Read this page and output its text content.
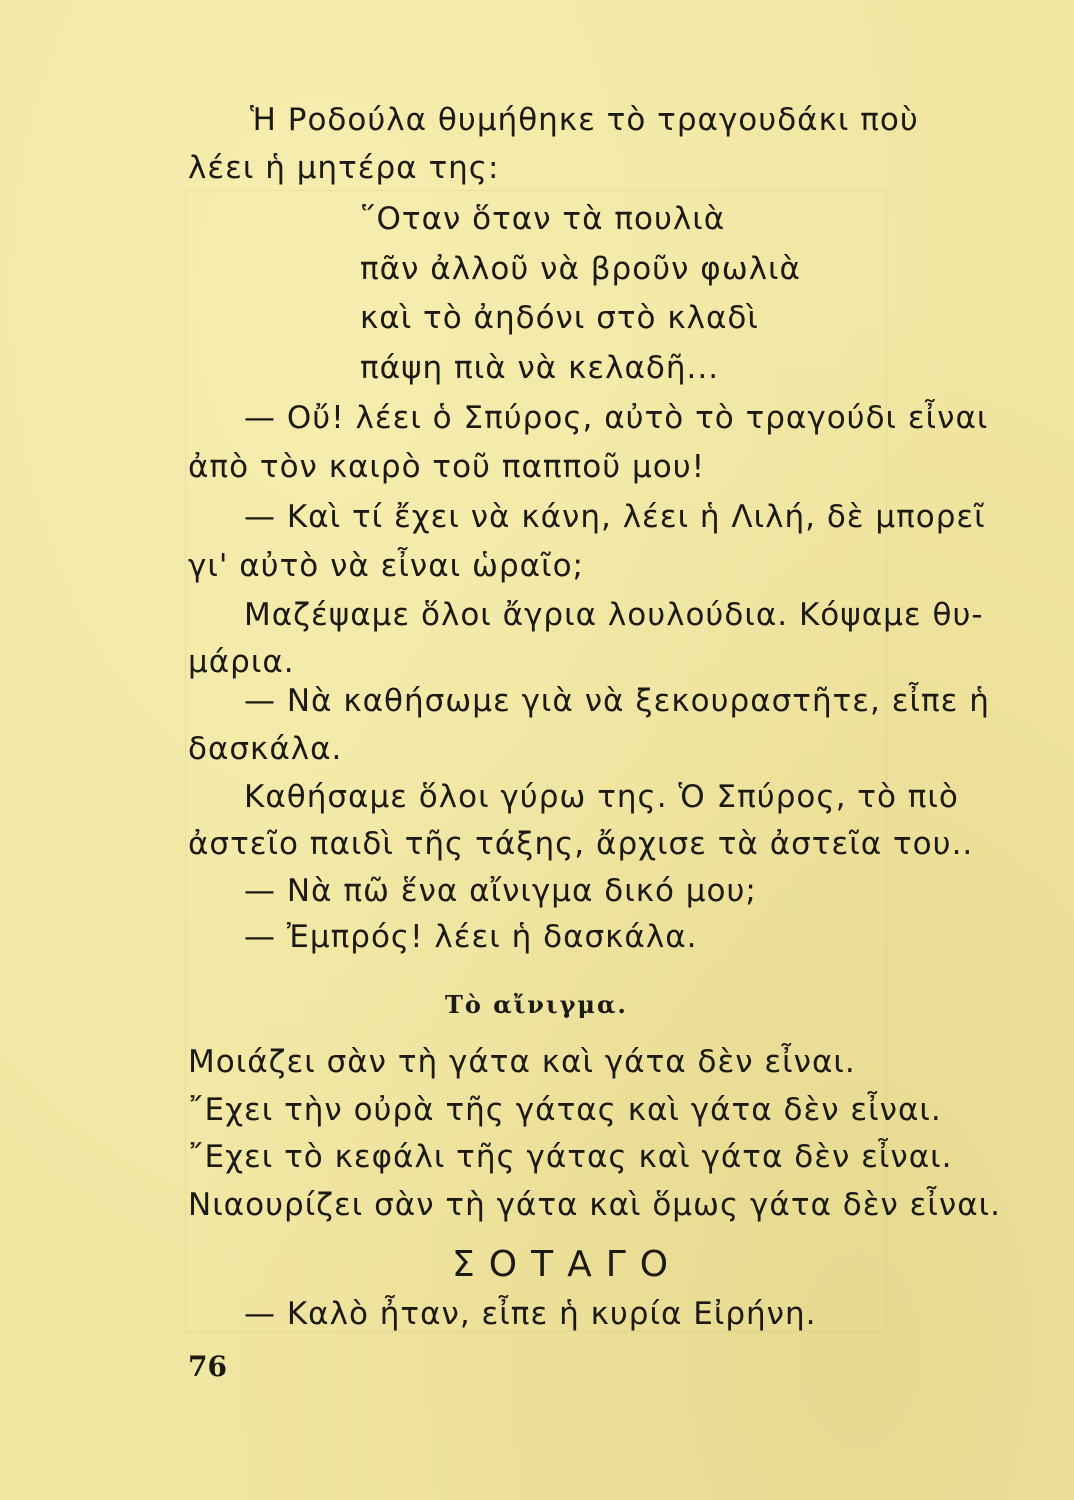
Ἡ Ροδούλα θυμήθηκε τὸ τραγουδάκι ποὺ
λέει ἡ μητέρα της:
῞Οταν ὅταν τὰ πουλιὰ
πᾶν ἀλλοῦ νὰ βροῦν φωλιὰ
καὶ τὸ ἀηδόνι στὸ κλαδὶ
πάψη πιὰ νὰ κελαδῆ...
— Οὔ! λέει ὁ Σπύρος, αὐτὸ τὸ τραγούδι εἶναι
ἀπὸ τὸν καιρὸ τοῦ παπποῦ μου!
— Καὶ τί ἔχει νὰ κάνη, λέει ἡ Λιλή, δὲ μπορεῖ
γι' αὐτὸ νὰ εἶναι ὡραῖο;
Μαζέψαμε ὅλοι ἄγρια λουλούδια. Κόψαμε θυ-
μάρια.
— Νὰ καθήσωμε γιὰ νὰ ξεκουραστῆτε, εἶπε ἡ
δασκάλα.
Καθήσαμε ὅλοι γύρω της. Ὁ Σπύρος, τὸ πιὸ
ἀστεῖο παιδὶ τῆς τάξης, ἄρχισε τὰ ἀστεῖα του..
— Νὰ πῶ ἕνα αἴνιγμα δικό μου;
— Ἐμπρός! λέει ἡ δασκάλα.
Τὸ αἴνιγμα.
Μοιάζει σὰν τὴ γάτα καὶ γάτα δὲν εἶναι.
῎Εχει τὴν οὐρὰ τῆς γάτας καὶ γάτα δὲν εἶναι.
῎Εχει τὸ κεφάλι τῆς γάτας καὶ γάτα δὲν εἶναι.
Νιαουρίζει σὰν τὴ γάτα καὶ ὅμως γάτα δὲν εἶναι.
ΣΟΤΑΓΟ
— Καλὸ ἦταν, εἶπε ἡ κυρία Εἰρήνη.
76
